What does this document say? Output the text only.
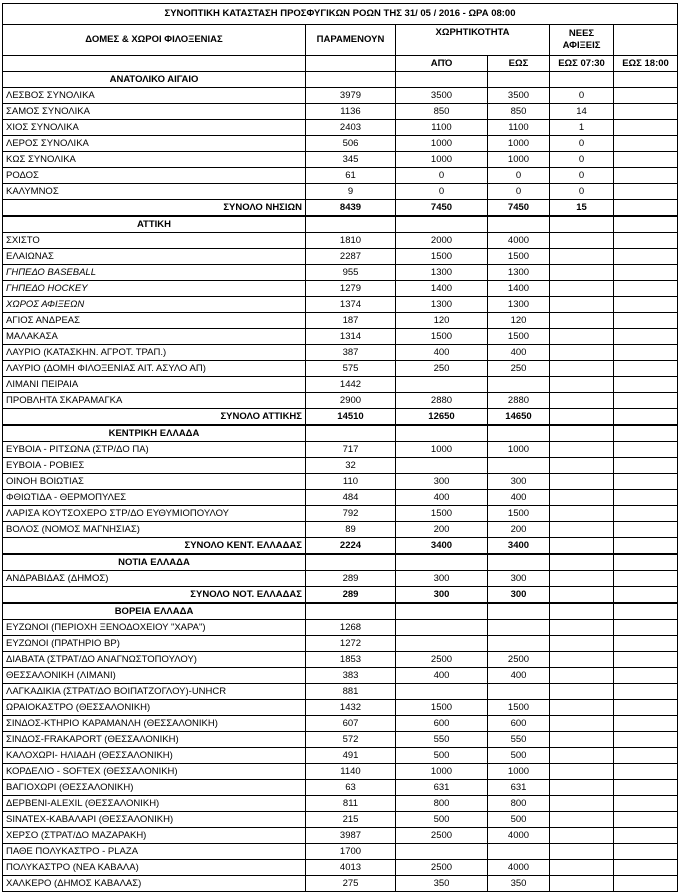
ΣΥΝΟΠΤΙΚΗ ΚΑΤΑΣΤΑΣΗ ΠΡΟΣΦΥΓΙΚΩΝ ΡΟΩΝ ΤΗΣ 31/ 05 / 2016 - ΩΡΑ 08:00					
ΔΟΜΕΣ & ΧΩΡΟΙ ΦΙΛΟΞΕΝΙΑΣ	ΠΑΡΑΜΕΝΟΥΝ	ΧΩΡΗΤΙΚΟΤΗΤΑ		ΝΕΕΣ ΑΦΙΞΕΙΣ	
		ΑΠΌ	ΕΩΣ	ΕΩΣ 07:30	ΕΩΣ 18:00
ΑΝΑΤΟΛΙΚΟ ΑΙΓΑΙΟ					
ΛΕΣΒΟΣ ΣΥΝΟΛΙΚΑ	3979	3500	3500	0	
ΣΑΜΟΣ ΣΥΝΟΛΙΚΑ	1136	850	850	14	
ΧΙΟΣ ΣΥΝΟΛΙΚΑ	2403	1100	1100	1	
ΛΕΡΟΣ ΣΥΝΟΛΙΚΑ	506	1000	1000	0	
ΚΩΣ ΣΥΝΟΛΙΚΑ	345	1000	1000	0	
ΡΟΔΟΣ	61	0	0	0	
ΚΑΛΥΜΝΟΣ	9	0	0	0	
ΣΥΝΟΛΟ ΝΗΣΙΩΝ	8439	7450	7450	15	
ΑΤΤΙΚΗ					
ΣΧΙΣΤΟ	1810	2000	4000		
ΕΛΑΙΩΝΑΣ	2287	1500	1500		
ΓΗΠΕΔΟ BASEBALL	955	1300	1300		
ΓΗΠΕΔΟ HOCKEY	1279	1400	1400		
ΧΩΡΟΣ ΑΦΙΞΕΩΝ	1374	1300	1300		
ΑΓΙΟΣ ΑΝΔΡΕΑΣ	187	120	120		
ΜΑΛΑΚΑΣΑ	1314	1500	1500		
ΛΑΥΡΙΟ (ΚΑΤΑΣΚΗΝ. ΑΓΡΟΤ. ΤΡΑΠ.)	387	400	400		
ΛΑΥΡΙΟ (ΔΟΜΗ ΦΙΛΟΞΕΝΙΑΣ ΑΙΤ. ΑΣΥΛΟ ΑΠ)	575	250	250		
ΛΙΜΑΝΙ ΠΕΙΡΑΙΑ	1442				
ΠΡΟΒΛΗΤΑ ΣΚΑΡΑΜΑΓΚΑ	2900	2880	2880		
ΣΥΝΟΛΟ ΑΤΤΙΚΗΣ	14510	12650	14650		
ΚΕΝΤΡΙΚΗ ΕΛΛΑΔΑ					
ΕΥΒΟΙΑ - ΡΙΤΣΩΝΑ (ΣΤΡ/ΔΟ ΠΑ)	717	1000	1000		
ΕΥΒΟΙΑ - ΡΟΒΙΕΣ	32				
ΟΙΝΟΗ ΒΟΙΩΤΙΑΣ	110	300	300		
ΦΘΙΩΤΙΔΑ - ΘΕΡΜΟΠΥΛΕΣ	484	400	400		
ΛΑΡΙΣΑ ΚΟΥΤΣΟΧΕΡΟ ΣΤΡ/ΔΟ ΕΥΘΥΜΙΟΠΟΥΛΟΥ	792	1500	1500		
ΒΟΛΟΣ (ΝΟΜΟΣ ΜΑΓΝΗΣΙΑΣ)	89	200	200		
ΣΥΝΟΛΟ ΚΕΝΤ. ΕΛΛΑΔΑΣ	2224	3400	3400		
ΝΟΤΙΑ ΕΛΛΑΔΑ					
ΑΝΔΡΑΒΙΔΑΣ (ΔΗΜΟΣ)	289	300	300		
ΣΥΝΟΛΟ ΝΟΤ. ΕΛΛΑΔΑΣ	289	300	300		
ΒΟΡΕΙΑ ΕΛΛΑΔΑ					
ΕΥΖΩΝΟΙ (ΠΕΡΙΟΧΗ ΞΕΝΟΔΟΧΕΙΟΥ "ΧΑΡΑ")	1268				
ΕΥΖΩΝΟΙ (ΠΡΑΤΗΡΙΟ ΒΡ)	1272				
ΔΙΑΒΑΤΑ (ΣΤΡΑΤ/ΔΟ ΑΝΑΓΝΩΣΤΟΠΟΥΛΟΥ)	1853	2500	2500		
ΘΕΣΣΑΛΟΝΙΚΗ (ΛΙΜΑΝΙ)	383	400	400		
ΛΑΓΚΑΔΙΚΙΑ (ΣΤΡΑΤ/ΔΟ ΒΟΙΠΑΤΖΟΓΛΟΥ)-UNHCR	881				
ΩΡΑΙΟΚΑΣΤΡΟ (ΘΕΣΣΑΛΟΝΙΚΗ)	1432	1500	1500		
ΣΙΝΔΟΣ-ΚΤΗΡΙΟ ΚΑΡΑΜΑΝΛΗ (ΘΕΣΣΑΛΟΝΙΚΗ)	607	600	600		
ΣΙΝΔΟΣ-FRAKAPORT (ΘΕΣΣΑΛΟΝΙΚΗ)	572	550	550		
ΚΑΛΟΧΩΡΙ- ΗΛΙΑΔΗ (ΘΕΣΣΑΛΟΝΙΚΗ)	491	500	500		
ΚΟΡΔΕΛΙΟ - SOFTEX (ΘΕΣΣΑΛΟΝΙΚΗ)	1140	1000	1000		
ΒΑΓΙΟΧΩΡΙ (ΘΕΣΣΑΛΟΝΙΚΗ)	63	631	631		
ΔΕΡΒΕΝΙ-ALEXIL (ΘΕΣΣΑΛΟΝΙΚΗ)	811	800	800		
SINATEX-ΚΑΒΑΛΑΡΙ (ΘΕΣΣΑΛΟΝΙΚΗ)	215	500	500		
ΧΕΡΣΟ (ΣΤΡΑΤ/ΔΟ ΜΑΖΑΡΑΚΗ)	3987	2500	4000		
ΠΑΘΕ ΠΟΛΥΚΑΣΤΡΟ - PLAZA	1700				
ΠΟΛΥΚΑΣΤΡΟ (ΝΕΑ ΚΑΒΑΛΑ)	4013	2500	4000		
ΧΑΛΚΕΡΟ (ΔΗΜΟΣ ΚΑΒΑΛΑΣ)	275	350	350		
